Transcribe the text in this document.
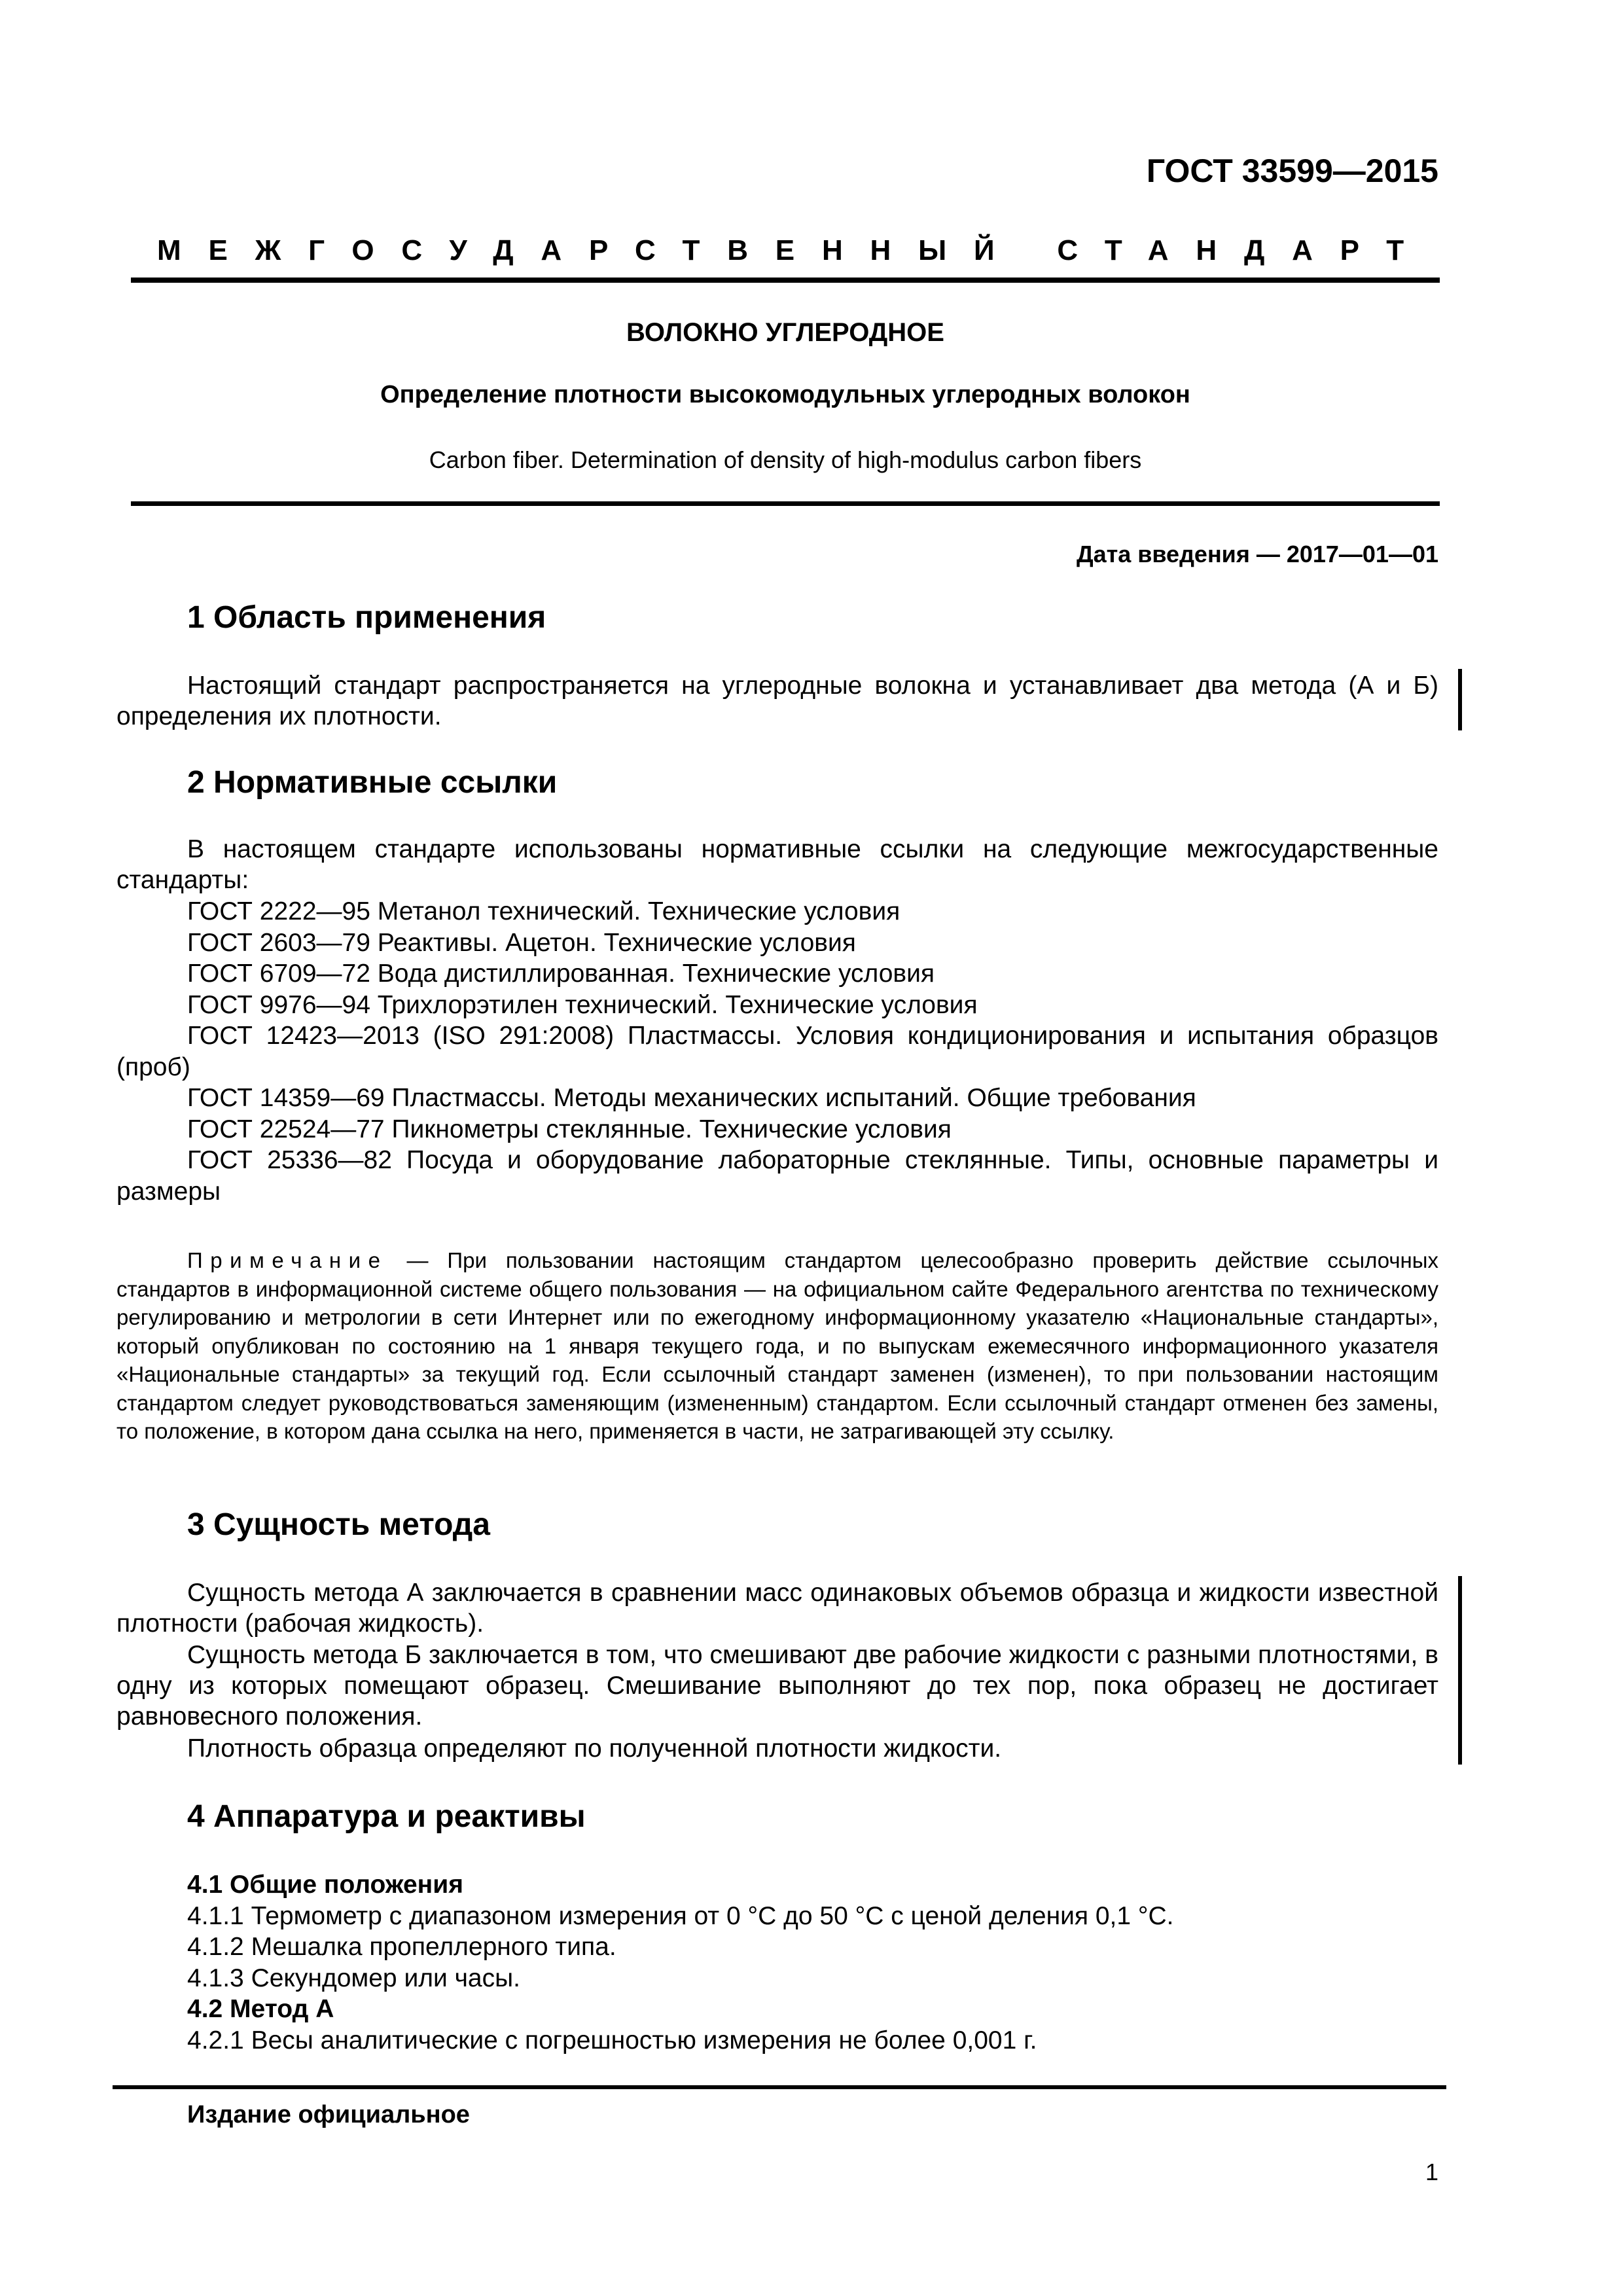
ГОСТ 33599—2015

МЕЖГОСУДАРСТВЕННЫЙ СТАНДАРТ

ВОЛОКНО УГЛЕРОДНОЕ

Определение плотности высокомодульных углеродных волокон

Carbon fiber. Determination of density of high-modulus carbon fibers

Дата введения — 2017—01—01

1 Область применения

Настоящий стандарт распространяется на углеродные волокна и устанавливает два метода (А и Б) определения их плотности.

2 Нормативные ссылки

В настоящем стандарте использованы нормативные ссылки на следующие межгосударственные стандарты:

ГОСТ 2222—95 Метанол технический. Технические условия
ГОСТ 2603—79 Реактивы. Ацетон. Технические условия
ГОСТ 6709—72 Вода дистиллированная. Технические условия
ГОСТ 9976—94 Трихлорэтилен технический. Технические условия
ГОСТ 12423—2013 (ISO 291:2008) Пластмассы. Условия кондиционирования и испытания образцов (проб)
ГОСТ 14359—69 Пластмассы. Методы механических испытаний. Общие требования
ГОСТ 22524—77 Пикнометры стеклянные. Технические условия
ГОСТ 25336—82 Посуда и оборудование лабораторные стеклянные. Типы, основные параметры и размеры

Примечание — При пользовании настоящим стандартом целесообразно проверить действие ссылочных стандартов в информационной системе общего пользования — на официальном сайте Федерального агентства по техническому регулированию и метрологии в сети Интернет или по ежегодному информационному указателю «Национальные стандарты», который опубликован по состоянию на 1 января текущего года, и по выпускам ежемесячного информационного указателя «Национальные стандарты» за текущий год. Если ссылочный стандарт заменен (изменен), то при пользовании настоящим стандартом следует руководствоваться заменяющим (измененным) стандартом. Если ссылочный стандарт отменен без замены, то положение, в котором дана ссылка на него, применяется в части, не затрагивающей эту ссылку.

3 Сущность метода

Сущность метода А заключается в сравнении масс одинаковых объемов образца и жидкости известной плотности (рабочая жидкость).

Сущность метода Б заключается в том, что смешивают две рабочие жидкости с разными плотностями, в одну из которых помещают образец. Смешивание выполняют до тех пор, пока образец не достигает равновесного положения.

Плотность образца определяют по полученной плотности жидкости.

4 Аппаратура и реактивы
4.1 Общие положения
4.1.1 Термометр с диапазоном измерения от 0 °С до 50 °С с ценой деления 0,1 °С.
4.1.2 Мешалка пропеллерного типа.
4.1.3 Секундомер или часы.
4.2 Метод А
4.2.1 Весы аналитические с погрешностью измерения не более 0,001 г.

Издание официальное

1
